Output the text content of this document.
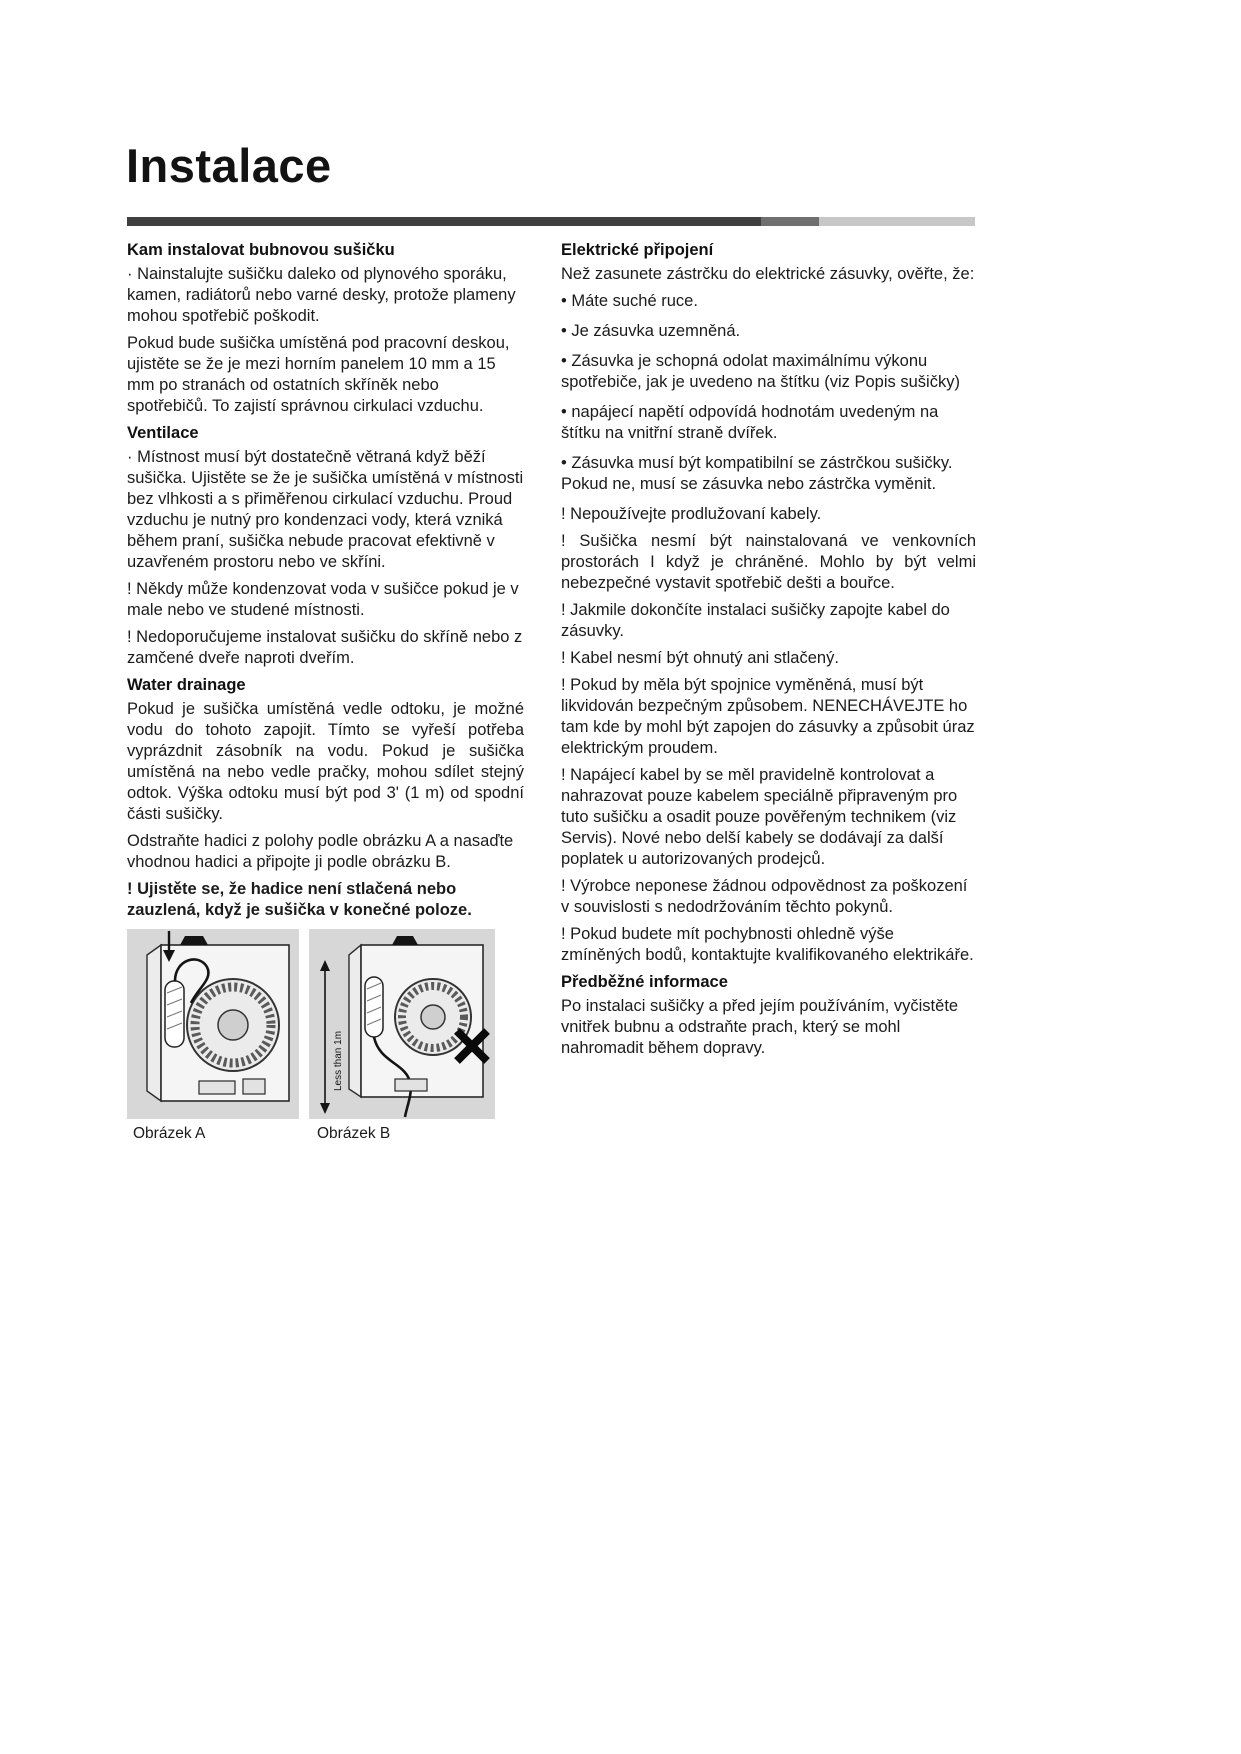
Instalace
Kam instalovat bubnovou sušičku

· Nainstalujte sušičku daleko od plynového sporáku, kamen, radiátorů nebo varné desky, protože plameny mohou spotřebič poškodit.

Pokud bude sušička umístěná pod pracovní deskou, ujistěte se že je mezi horním panelem 10 mm a 15 mm po stranách od ostatních skříněk nebo spotřebičů. To zajistí správnou cirkulaci vzduchu.

Ventilace

· Místnost musí být dostatečně větraná když běží sušička. Ujistěte se že je sušička umístěná v místnosti bez vlhkosti a s přiměřenou cirkulací vzduchu. Proud vzduchu je nutný pro kondenzaci vody, která vzniká během praní, sušička nebude pracovat efektivně v uzavřeném prostoru nebo ve skříni.

! Někdy může kondenzovat voda v sušičce pokud je v male nebo ve studené místnosti.

! Nedoporučujeme instalovat sušičku do skříně nebo z zamčené dveře naproti dveřím.

Water drainage

Pokud je sušička umístěná vedle odtoku, je možné vodu do tohoto zapojit. Tímto se vyřeší potřeba vyprázdnit zásobník na vodu. Pokud je sušička umístěná na nebo vedle pračky, mohou sdílet stejný odtok. Výška odtoku musí být pod 3' (1 m) od spodní části sušičky.

Odstraňte hadici z polohy podle obrázku A a nasaďte vhodnou hadici a připojte ji podle obrázku B.

! Ujistěte se, že hadice není stlačená nebo zauzlená, když je sušička v konečné poloze.

Less than 1m
Obrázek A	Obrázek B
Elektrické připojení

Než zasunete zástrčku do elektrické zásuvky, ověřte, že:

• Máte suché ruce.

• Je zásuvka uzemněná.

• Zásuvka je schopná odolat maximálnímu výkonu spotřebiče, jak je uvedeno na štítku (viz Popis sušičky)

• napájecí napětí odpovídá hodnotám uvedeným na štítku na vnitřní straně dvířek.

• Zásuvka musí být kompatibilní se zástrčkou sušičky. Pokud ne, musí se zásuvka nebo zástrčka vyměnit.

! Nepoužívejte prodlužovaní kabely.

! Sušička nesmí být nainstalovaná ve venkovních prostorách I když je chráněné. Mohlo by být velmi nebezpečné vystavit spotřebič dešti a bouřce.

! Jakmile dokončíte instalaci sušičky zapojte kabel do zásuvky.

! Kabel nesmí být ohnutý ani stlačený.

! Pokud by měla být spojnice vyměněná, musí být likvidován bezpečným způsobem. NENECHÁVEJTE ho tam kde by mohl být zapojen do zásuvky a způsobit úraz elektrickým proudem.

! Napájecí kabel by se měl pravidelně kontrolovat a nahrazovat pouze kabelem speciálně připraveným pro tuto sušičku a osadit pouze pověřeným technikem (viz Servis). Nové nebo delší kabely se dodávají za další poplatek u autorizovaných prodejců.

! Výrobce neponese žádnou odpovědnost za poškození v souvislosti s nedodržováním těchto pokynů.

! Pokud budete mít pochybnosti ohledně výše zmíněných bodů, kontaktujte kvalifikovaného elektrikáře.

Předběžné informace

Po instalaci sušičky a před jejím používáním, vyčistěte vnitřek bubnu a odstraňte prach, který se mohl nahromadit během dopravy.
